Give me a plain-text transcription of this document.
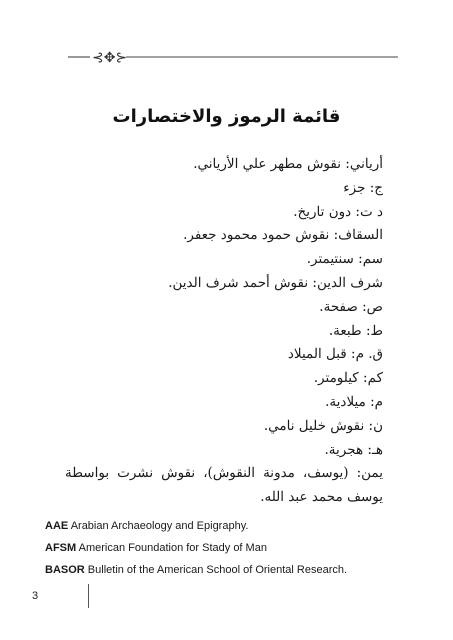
⊰✥⊱
قائمة الرموز والاختصارات
أرياني: نقوش مطهر علي الأرياني.
ج: جزء
د ت: دون تاريخ.
السقاف: نقوش حمود محمود جعفر.
سم: سنتيمتر.
شرف الدين: نقوش أحمد شرف الدين.
ص: صفحة.
ط: طبعة.
ق. م: قبل الميلاد
كم: كيلومتر.
م: ميلادية.
ن: نقوش خليل نامي.
هـ: هجرية.
يمن: (يوسف، مدونة النقوش)، نقوش نشرت بواسطة يوسف محمد عبد الله.
AAE Arabian Archaeology and Epigraphy.
AFSM American Foundation for Stady of Man
BASOR Bulletin of the American School of Oriental Research.
3
